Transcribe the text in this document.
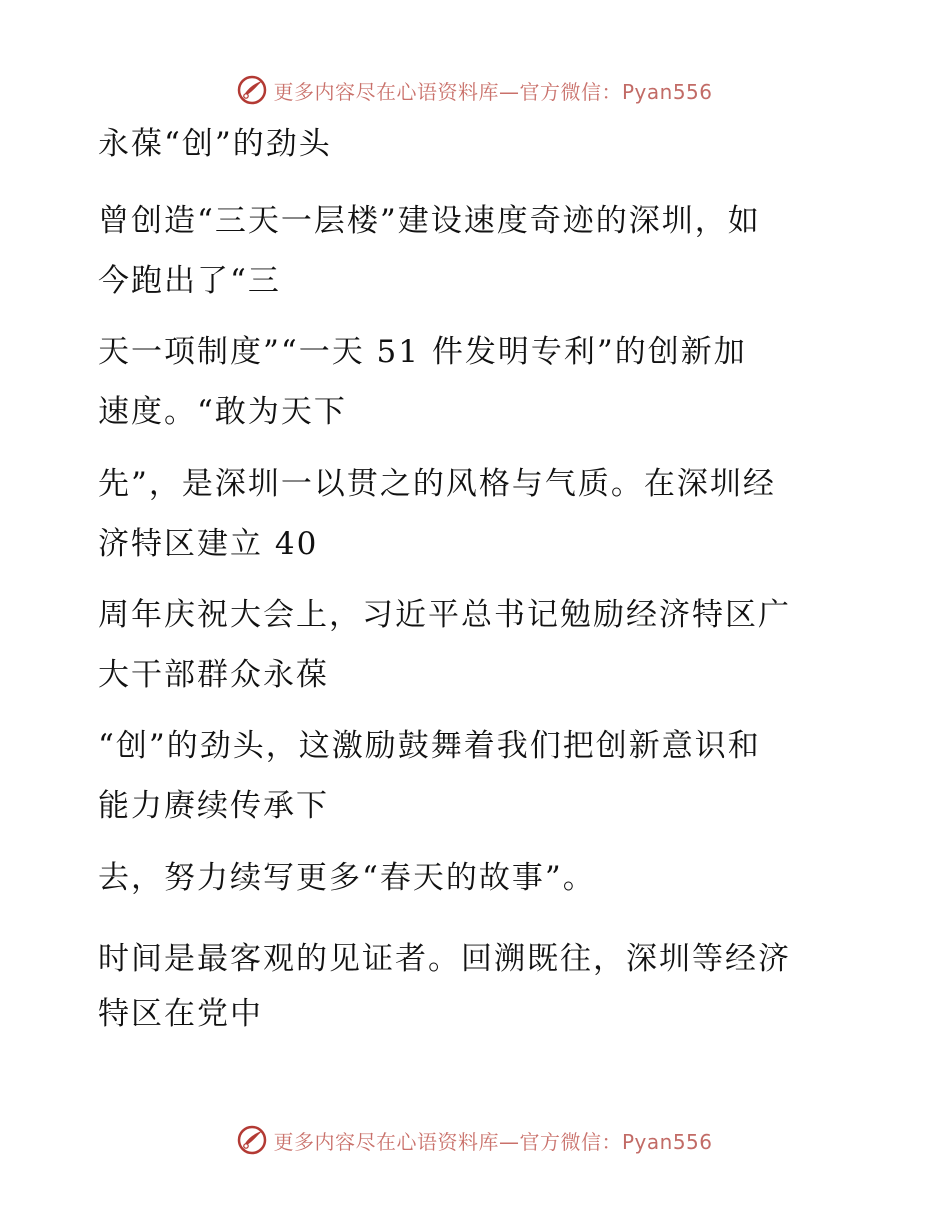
更多内容尽在心语资料库—官方微信：Pyan556
永葆“创”的劲头
曾创造“三天一层楼”建设速度奇迹的深圳，如
今跑出了“三
天一项制度”“一天 51 件发明专利”的创新加
速度。“敢为天下
先”，是深圳一以贯之的风格与气质。在深圳经
济特区建立 40
周年庆祝大会上，习近平总书记勉励经济特区广
大干部群众永葆
“创”的劲头，这激励鼓舞着我们把创新意识和
能力赓续传承下
去，努力续写更多“春天的故事”。
时间是最客观的见证者。回溯既往，深圳等经济
特区在党中
更多内容尽在心语资料库—官方微信：Pyan556
